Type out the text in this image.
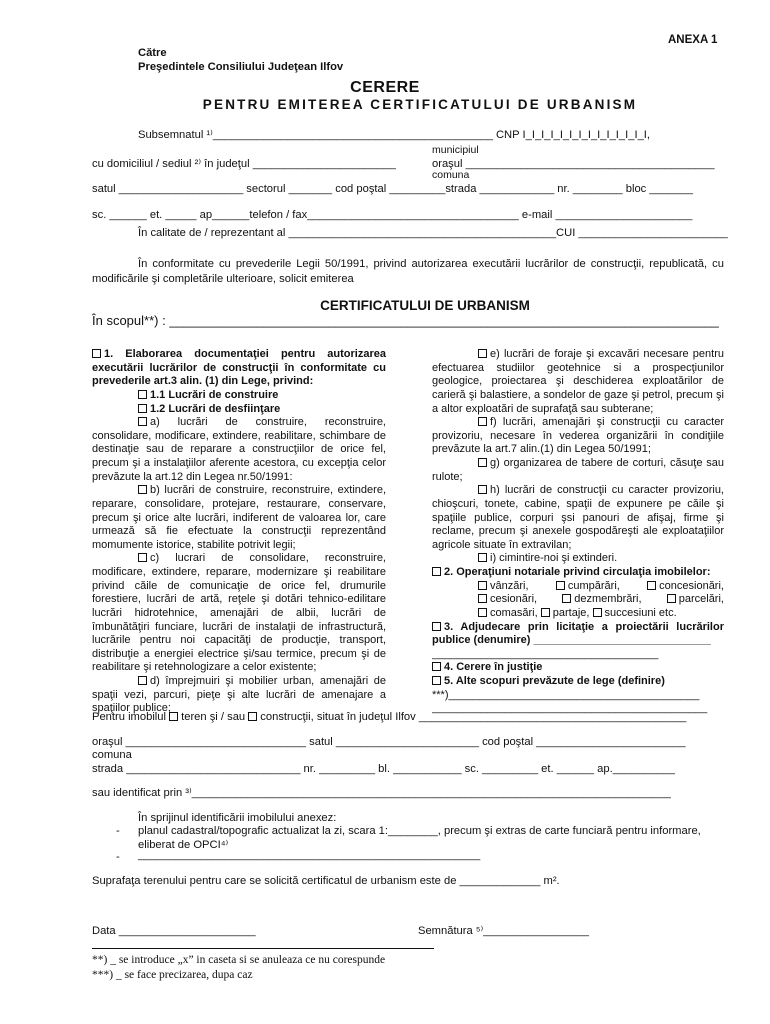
ANEXA 1
Către
Preşedintele Consiliului Judeţean Ilfov
CERERE
PENTRU EMITEREA CERTIFICATULUI DE URBANISM
Subsemnatul ¹⁾_____________________________________________ CNP I_I_I_I_I_I_I_I_I_I_I_I_I_I,
municipiul
cu domiciliul / sediul ²⁾ în judeţul _______________________	oraşul ________________________________________
comuna
satul ____________________ sectorul _______ cod poştal _________strada ____________ nr. ________ bloc _______
sc. ______ et. _____ ap______telefon / fax__________________________________ e-mail ______________________
În calitate de / reprezentant al ___________________________________________CUI ________________________
În conformitate cu prevederile Legii 50/1991, privind autorizarea executării lucrărilor de construcţii, republicată, cu modificările şi completările ulterioare, solicit emiterea
CERTIFICATULUI DE URBANISM
În scopul**) : ____________________________________________________________________________

1. Elaborarea documentaţiei pentru autorizarea executării lucrărilor de construcţii în conformitate cu prevederile art.3 alin. (1) din Lege, privind:

1.1 Lucrări de construire

1.2 Lucrări de desfiinţare

a) lucrări de construire, reconstruire, consolidare, modificare, extindere, reabilitare, schimbare de destinaţie sau de reparare a construcţiilor de orice fel, precum şi a instalaţiilor aferente acestora, cu excepţia celor prevăzute la art.12 din Legea nr.50/1991:

b) lucrări de construire, reconstruire, extindere, reparare, consolidare, protejare, restaurare, conservare, precum şi orice alte lucrări, indiferent de valoarea lor, care urmează să fie efectuate la construcţii reprezentând momumente istorice, stabilite potrivit legii;

c) lucrari de consolidare, reconstruire, modificare, extindere, reparare, modernizare şi reabilitare privind căile de comunicaţie de orice fel, drumurile forestiere, lucrări de artă, reţele şi dotări tehnico-edilitare lucrări hidrotehnice, amenajări de albii, lucrări de îmbunătăţiri funciare, lucrări de instalaţii de infrastructură, lucrările pentru noi capacităţi de producţie, transport, distribuţie a energiei electrice şi/sau termice, precum şi de reabilitare şi retehnologizare a celor existente;

d) împrejmuiri şi mobilier urban, amenajări de spaţii vezi, parcuri, pieţe şi alte lucrări de amenajare a spaţiilor publice;

e) lucrări de foraje şi excavări necesare pentru efectuarea studiilor geotehnice si a prospecţiunilor geologice, proiectarea şi deschiderea exploatărilor de carieră şi balastiere, a sondelor de gaze şi petrol, precum şi a altor exploatări de suprafaţă sau subterane;

f) lucrări, amenajări şi construcţii cu caracter provizoriu, necesare în vederea organizării în condiţiile prevăzute la art.7 alin.(1) din Legea 50/1991;

g) organizarea de tabere de corturi, căsuţe sau rulote;

h) lucrări de construcţii cu caracter provizoriu, chioşcuri, tonete, cabine, spaţii de expunere pe căile şi spaţiile publice, corpuri şsi panouri de afişaj, firme şi reclame, precum şi anexele gospodăreşti ale exploataţiilor agricole situate în extravilan;

i) cimintire-noi şi extinderi.

2. Operaţiuni notariale privind circulaţia imobilelor:

vânzări,	cumpărări,	concesionări,

cesionări,	dezmembrări,	parcelări,

comasări, partaje, succesiuni etc.

3. Adjudecare prin licitaţie a proiectării lucrărilor publice (denumire) _____________________________

_____________________________________

4. Cerere în justiţie

5. Alte scopuri prevăzute de lege (definire)

***)_________________________________________

_____________________________________________

Pentru imobilul teren şi / sau construcţii, situat în judeţul Ilfov ___________________________________________
oraşul _____________________________ satul _______________________ cod poştal ________________________
comuna
strada ____________________________ nr. _________ bl. ___________ sc. _________ et. ______ ap.__________
sau identificat prin ³⁾_____________________________________________________________________________
În sprijinul identificării imobilului anexez:
- planul cadastral/topografic actualizat la zi, scara 1:________, precum şi extras de carte funciară pentru informare, eliberat de OPCI⁴⁾
- _______________________________________________________
Suprafaţa terenului pentru care se solicită certificatul de urbanism este de _____________ m².
Data ______________________	Semnătura ⁵⁾_________________
**) _ se introduce „x” in caseta si se anuleaza ce nu corespunde
***) _ se face precizarea, dupa caz
